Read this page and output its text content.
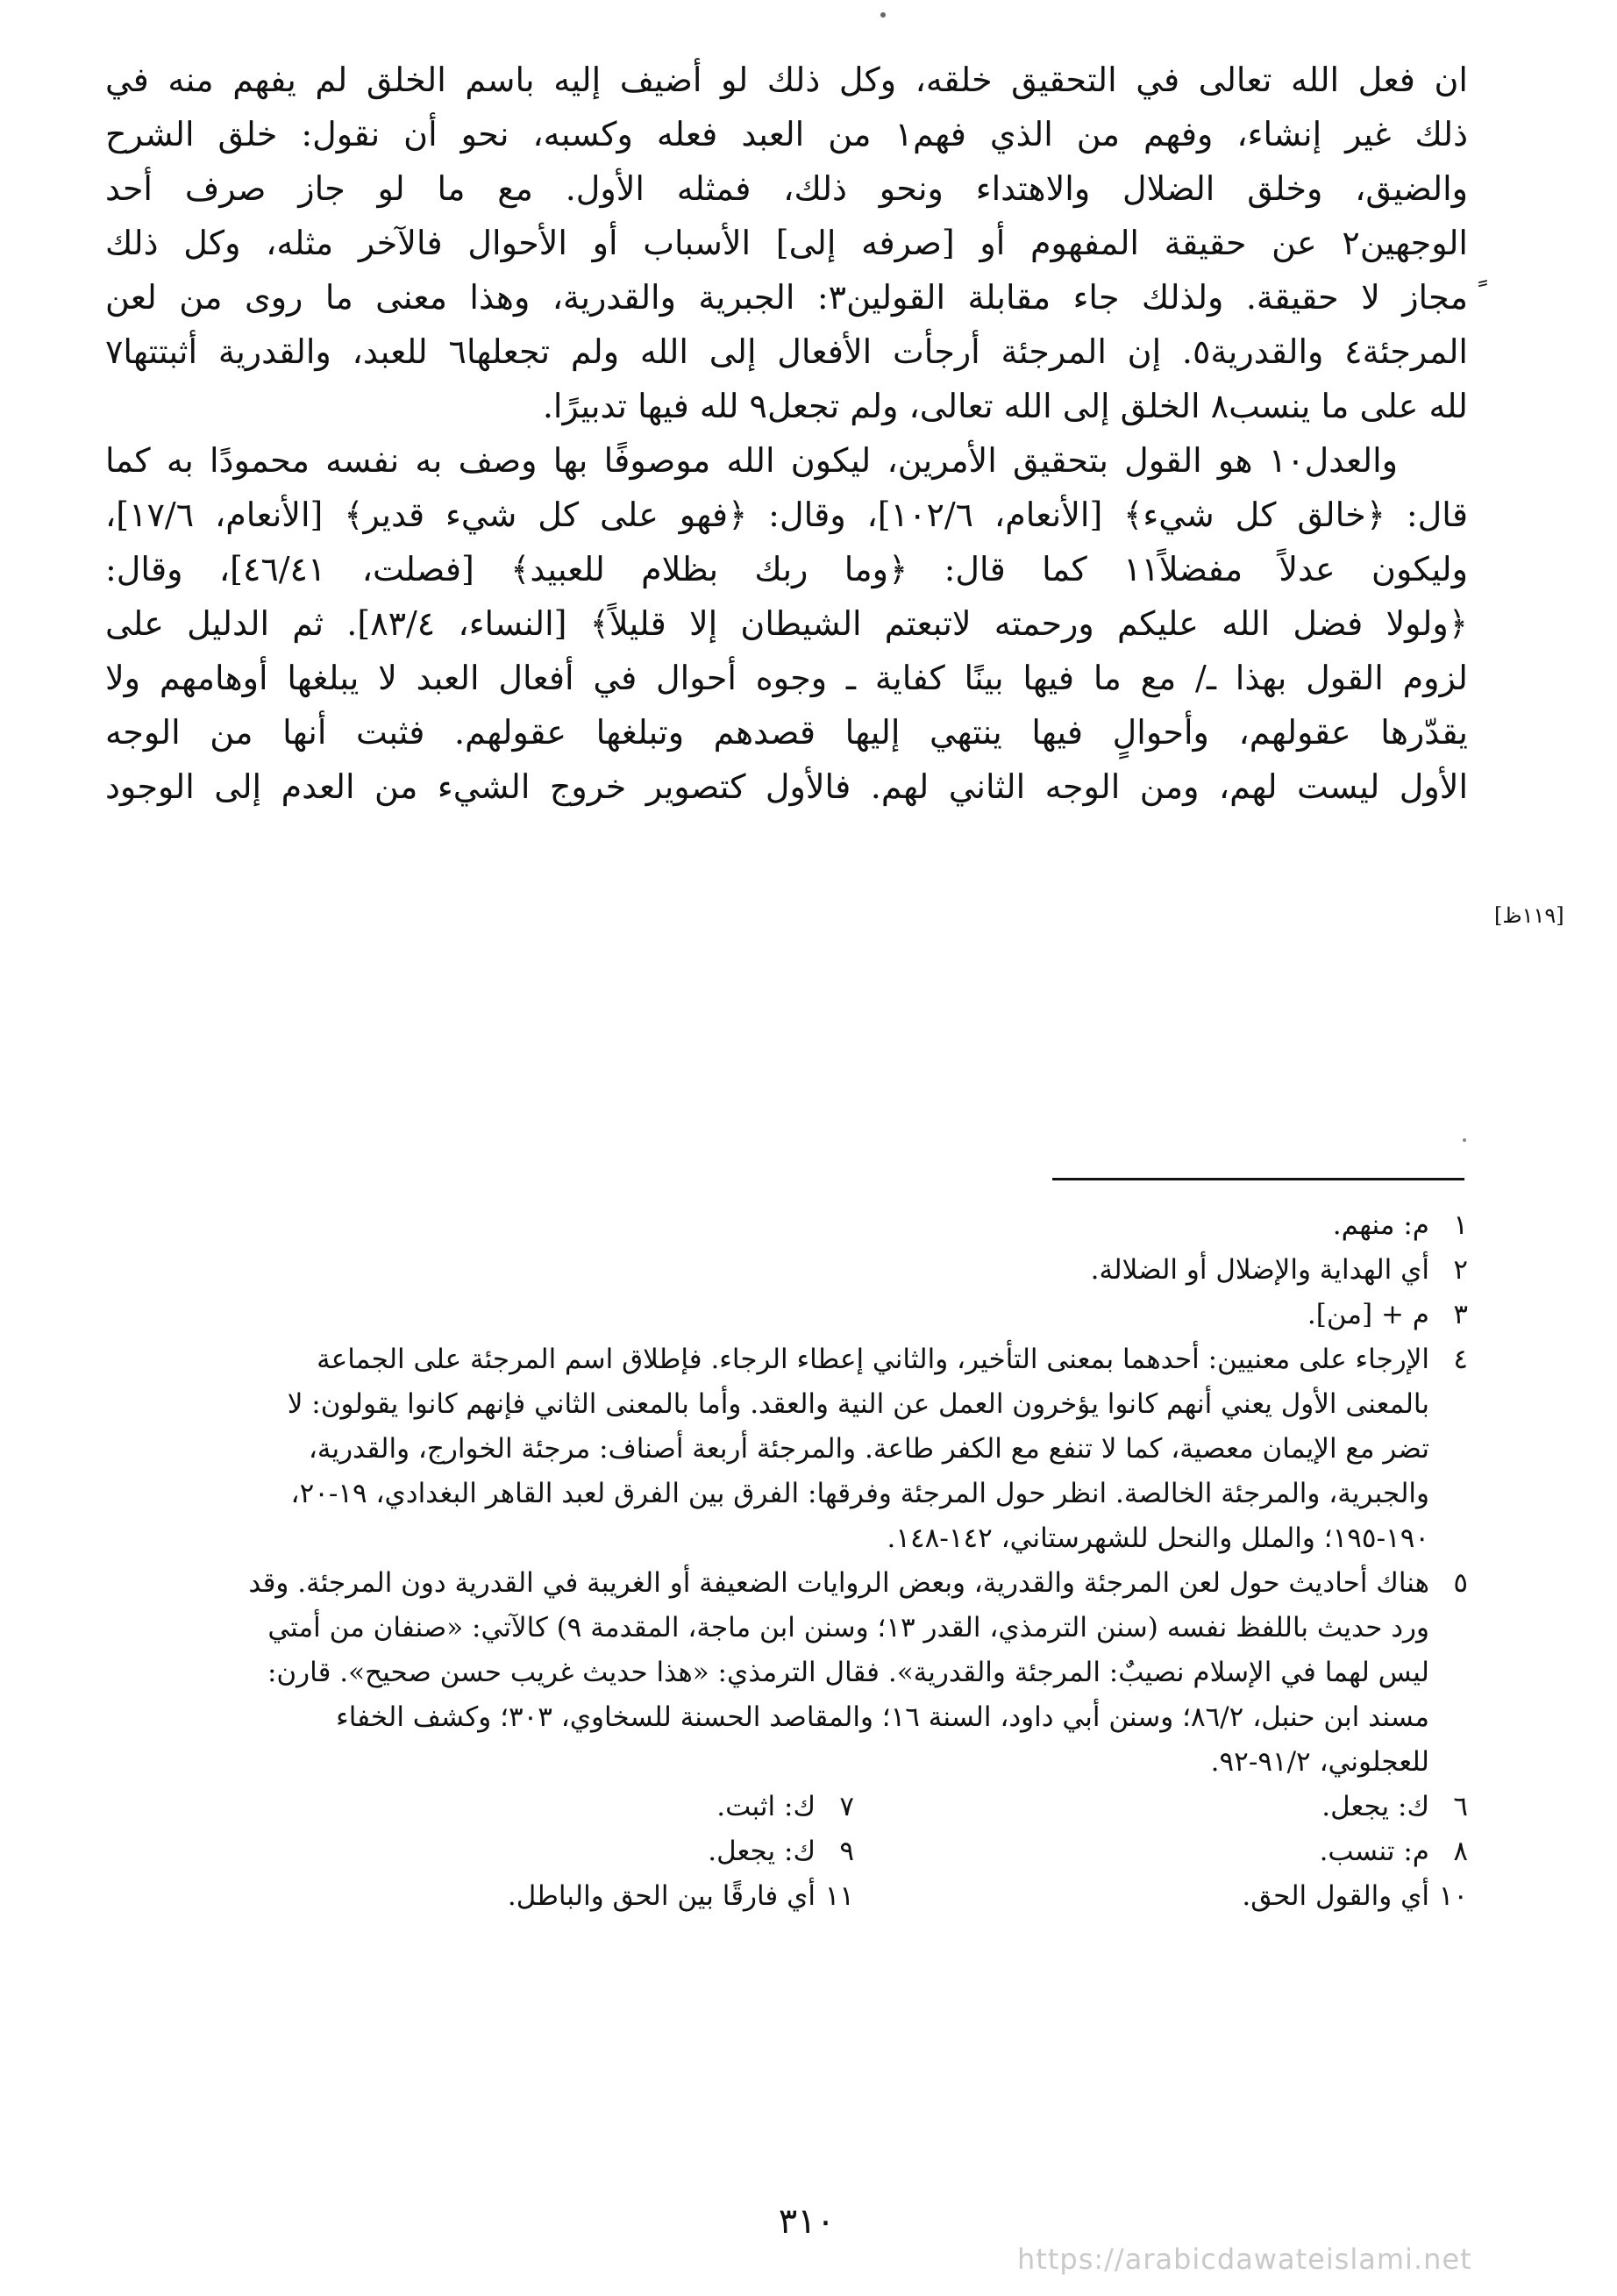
ان فعل الله تعالى في التحقيق خلقه، وكل ذلك لو أضيف إليه باسم الخلق لم يفهم منه في
ذلك غير إنشاء، وفهم من الذي فهم١ من العبد فعله وكسبه، نحو أن نقول: خلق الشرح
والضيق، وخلق الضلال والاهتداء ونحو ذلك، فمثله الأول. مع ما لو جاز صرف أحد
الوجهين٢ عن حقيقة المفهوم أو [صرفه إلى] الأسباب أو الأحوال فالآخر مثله، وكل ذلك
مجاز لا حقيقة. ولذلك جاء مقابلة القولين٣: الجبرية والقدرية، وهذا معنى ما روى من لعن
المرجئة٤ والقدرية٥. إن المرجئة أرجأت الأفعال إلى الله ولم تجعلها٦ للعبد، والقدرية أثبتتها٧
لله على ما ينسب٨ الخلق إلى الله تعالى، ولم تجعل٩ لله فيها تدبيرًا.
والعدل١٠ هو القول بتحقيق الأمرين، ليكون الله موصوفًا بها وصف به نفسه محمودًا به كما
قال: ﴿خالق كل شيء﴾ [الأنعام، ١٠٢/٦]، وقال: ﴿فهو على كل شيء قدير﴾ [الأنعام، ١٧/٦]،
وليكون عدلاً مفضلاً١١ كما قال: ﴿وما ربك بظلام للعبيد﴾ [فصلت، ٤٦/٤١]، وقال:
﴿ولولا فضل الله عليكم ورحمته لاتبعتم الشيطان إلا قليلاً﴾ [النساء، ٨٣/٤]. ثم الدليل على
لزوم القول بهذا ـ/ مع ما فيها بينًا كفاية ـ وجوه أحوال في أفعال العبد لا يبلغها أوهامهم ولا
يقدّرها عقولهم، وأحوالٍ فيها ينتهي إليها قصدهم وتبلغها عقولهم. فثبت أنها من الوجه
الأول ليست لهم، ومن الوجه الثاني لهم. فالأول كتصوير خروج الشيء من العدم إلى الوجود
ﹴ
[١١٩ظ]
١
م: منهم.
٢
أي الهداية والإضلال أو الضلالة.
٣
م + [من].
٤
الإرجاء على معنيين: أحدهما بمعنى التأخير، والثاني إعطاء الرجاء. فإطلاق اسم المرجئة على الجماعة
بالمعنى الأول يعني أنهم كانوا يؤخرون العمل عن النية والعقد. وأما بالمعنى الثاني فإنهم كانوا يقولون: لا
تضر مع الإيمان معصية، كما لا تنفع مع الكفر طاعة. والمرجئة أربعة أصناف: مرجئة الخوارج، والقدرية،
والجبرية، والمرجئة الخالصة. انظر حول المرجئة وفرقها: الفرق بين الفرق لعبد القاهر البغدادي، ١٩-٢٠،
١٩٠-١٩٥؛ والملل والنحل للشهرستاني، ١٤٢-١٤٨.
٥
هناك أحاديث حول لعن المرجئة والقدرية، وبعض الروايات الضعيفة أو الغريبة في القدرية دون المرجئة. وقد
ورد حديث باللفظ نفسه (سنن الترمذي، القدر ١٣؛ وسنن ابن ماجة، المقدمة ٩) كالآتي: «صنفان من أمتي
ليس لهما في الإسلام نصيبٌ: المرجئة والقدرية». فقال الترمذي: «هذا حديث غريب حسن صحيح». قارن:
مسند ابن حنبل، ٨٦/٢؛ وسنن أبي داود، السنة ١٦؛ والمقاصد الحسنة للسخاوي، ٣٠٣؛ وكشف الخفاء
للعجلوني، ٩١/٢-٩٢.
٦
ك: يجعل.
٧
ك: اثبت.
٨
م: تنسب.
٩
ك: يجعل.
١٠
أي والقول الحق.
١١
أي فارقًا بين الحق والباطل.
٣١٠
https://arabicdawateislami.net
